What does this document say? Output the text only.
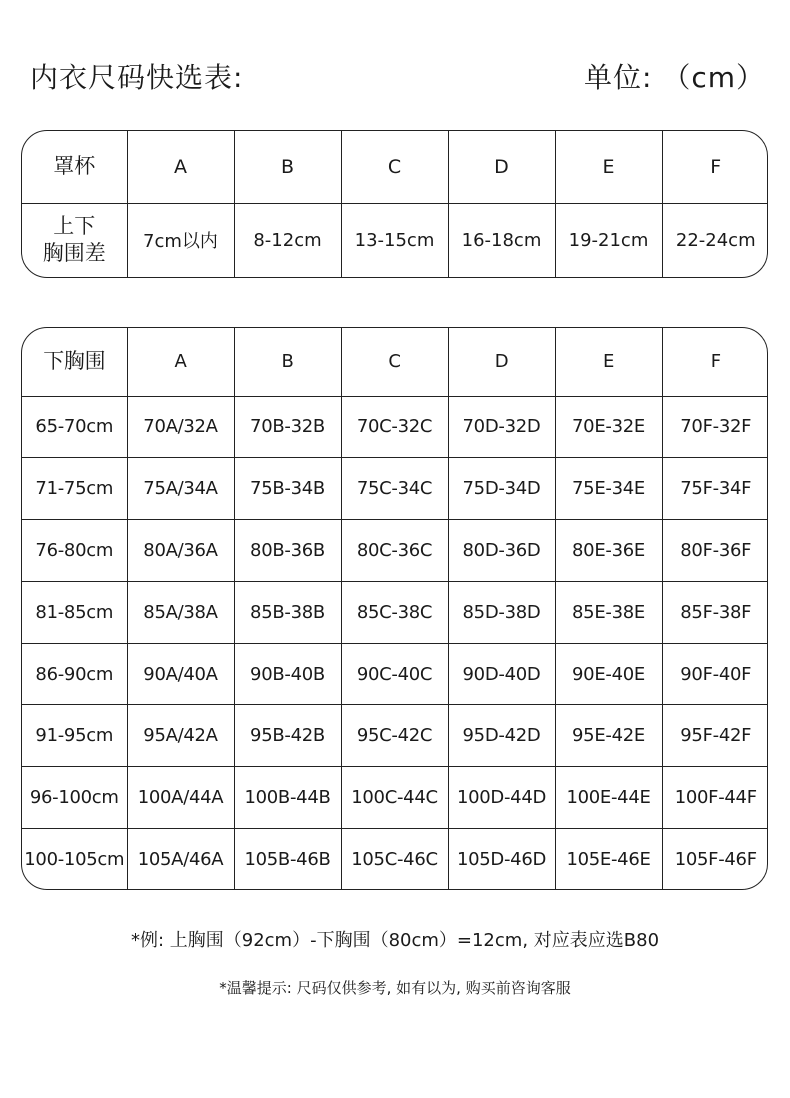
内衣尺码快选表:	单位: （cm）
罩杯	A	B	C	D	E	F

上下
胸围差	7cm以内	8-12cm	13-15cm	16-18cm	19-21cm	22-24cm
下胸围	A	B	C	D	E	F
65-70cm	70A/32A	70B-32B	70C-32C	70D-32D	70E-32E	70F-32F
71-75cm	75A/34A	75B-34B	75C-34C	75D-34D	75E-34E	75F-34F
76-80cm	80A/36A	80B-36B	80C-36C	80D-36D	80E-36E	80F-36F
81-85cm	85A/38A	85B-38B	85C-38C	85D-38D	85E-38E	85F-38F
86-90cm	90A/40A	90B-40B	90C-40C	90D-40D	90E-40E	90F-40F
91-95cm	95A/42A	95B-42B	95C-42C	95D-42D	95E-42E	95F-42F
96-100cm	100A/44A	100B-44B	100C-44C	100D-44D	100E-44E	100F-44F
100-105cm	105A/46A	105B-46B	105C-46C	105D-46D	105E-46E	105F-46F
*例: 上胸围（92cm）-下胸围（80cm）=12cm, 对应表应选B80
*温馨提示: 尺码仅供参考, 如有以为, 购买前咨询客服
